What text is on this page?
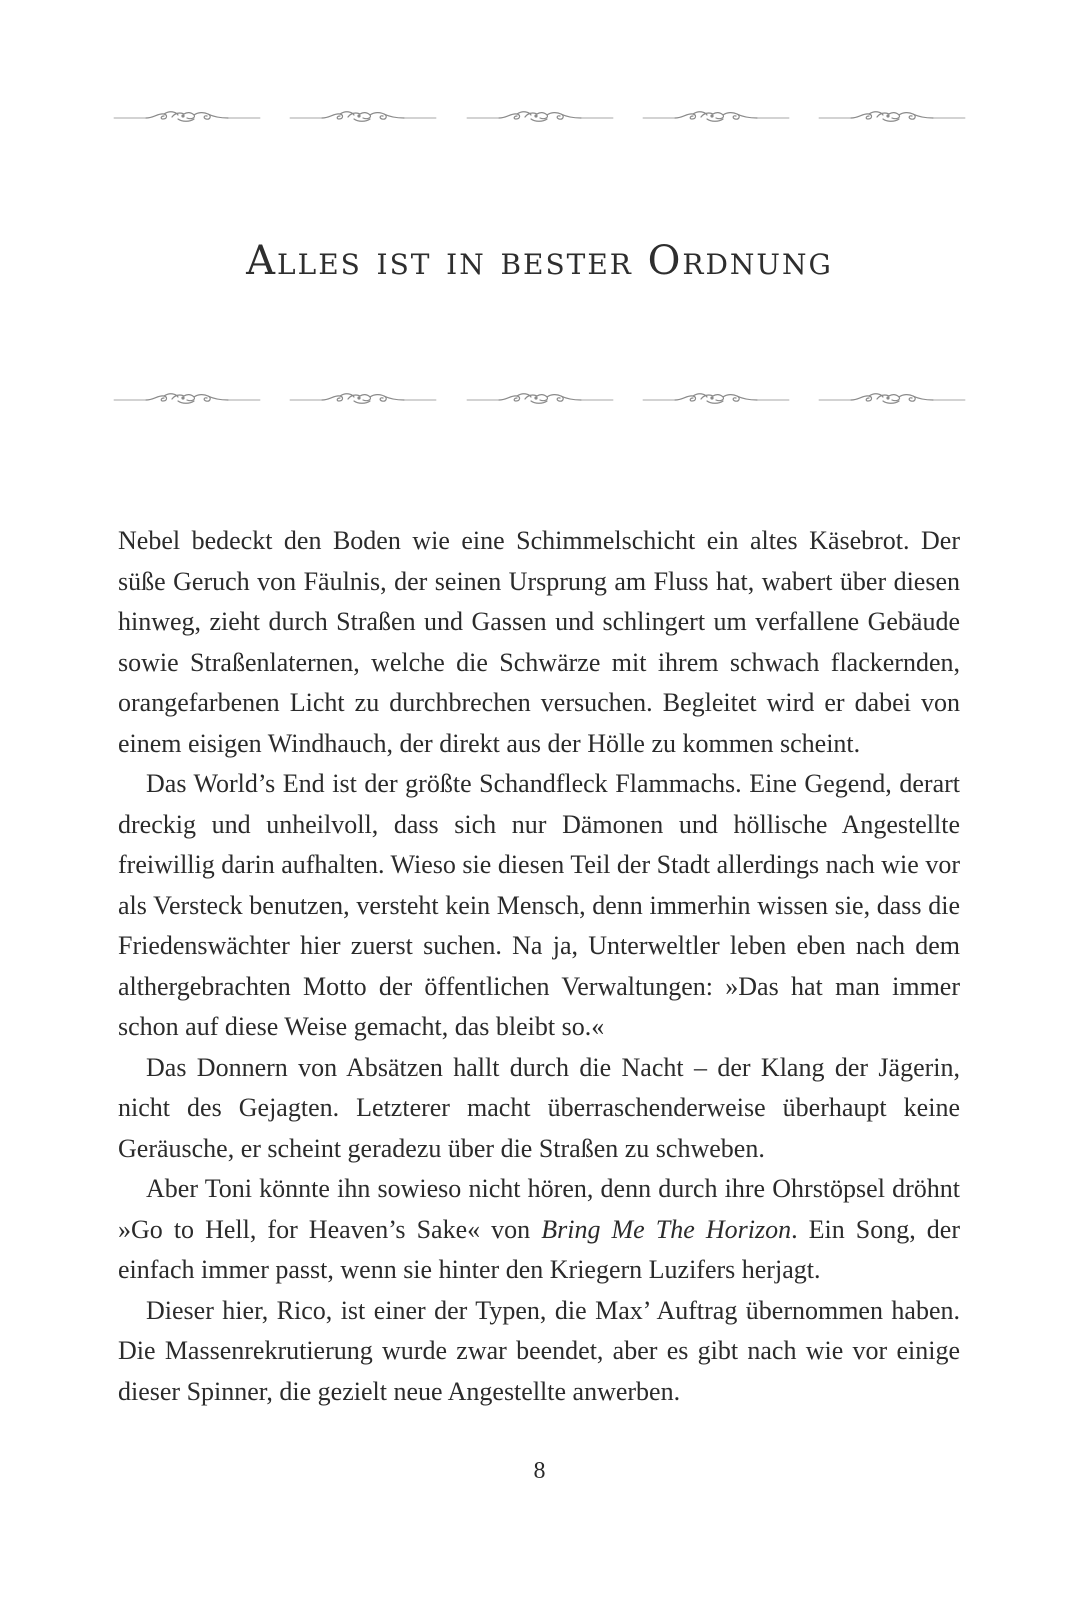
Alles ist in bester Ordnung

Nebel bedeckt den Boden wie eine Schimmelschicht ein altes Käsebrot. Der süße Geruch von Fäulnis, der seinen Ursprung am Fluss hat, wabert über diesen hinweg, zieht durch Straßen und Gassen und schlingert um verfallene Gebäude sowie Straßenlaternen, welche die Schwärze mit ihrem schwach flackernden, orangefarbenen Licht zu durchbrechen versuchen. Begleitet wird er dabei von einem eisigen Windhauch, der direkt aus der Hölle zu kommen scheint.

Das World’s End ist der größte Schandfleck Flammachs. Eine Gegend, derart dreckig und unheilvoll, dass sich nur Dämonen und höllische Angestellte freiwillig darin aufhalten. Wieso sie diesen Teil der Stadt allerdings nach wie vor als Versteck benutzen, versteht kein Mensch, denn immerhin wissen sie, dass die Friedenswächter hier zuerst suchen. Na ja, Unterweltler leben eben nach dem althergebrachten Motto der öffentlichen Verwaltungen: »Das hat man immer schon auf diese Weise gemacht, das bleibt so.«

Das Donnern von Absätzen hallt durch die Nacht – der Klang der Jägerin, nicht des Gejagten. Letzterer macht überraschenderweise überhaupt keine Geräusche, er scheint geradezu über die Straßen zu schweben.

Aber Toni könnte ihn sowieso nicht hören, denn durch ihre Ohrstöpsel dröhnt »Go to Hell, for Heaven’s Sake« von Bring Me The Horizon. Ein Song, der einfach immer passt, wenn sie hinter den Kriegern Luzifers herjagt.

Dieser hier, Rico, ist einer der Typen, die Max’ Auftrag übernommen haben. Die Massenrekrutierung wurde zwar beendet, aber es gibt nach wie vor einige dieser Spinner, die gezielt neue Angestellte anwerben.

8
